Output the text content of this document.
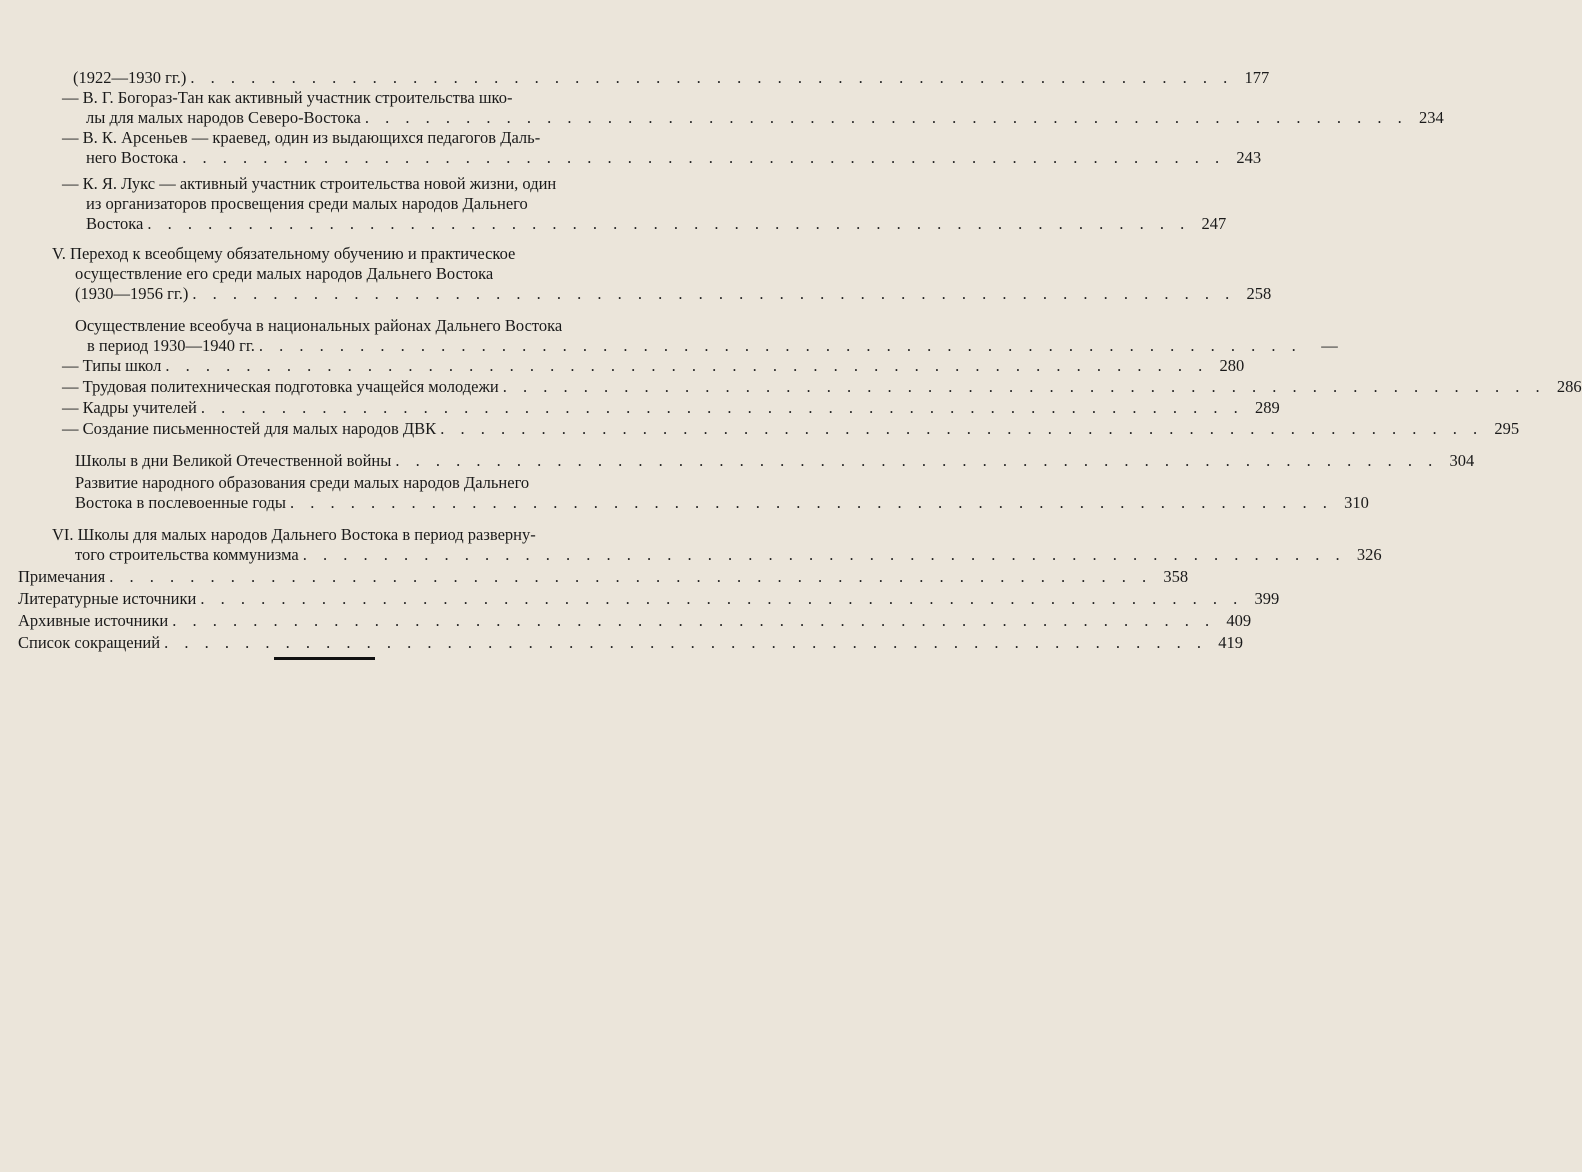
(1922—1930 гг.) . . . . . . . . . . . . . . . . . . . . . . . . . . . . . . . . . . . . . . . . . . . . . . . . . . . . 177
— В. Г. Богораз-Тан как активный участник строительства шко-
лы для малых народов Северо-Востока . . . . . . . . . . . . . . . . . . . . . . . . . . . . . . . . . . . . . . . . . . . . . . . . . . . . 234
— В. К. Арсеньев — краевед, один из выдающихся педагогов Даль-
него Востока . . . . . . . . . . . . . . . . . . . . . . . . . . . . . . . . . . . . . . . . . . . . . . . . . . . . 243
— К. Я. Лукс — активный участник строительства новой жизни, один
из организаторов просвещения среди малых народов Дальнего
Востока . . . . . . . . . . . . . . . . . . . . . . . . . . . . . . . . . . . . . . . . . . . . . . . . . . . . 247
V. Переход к всеобщему обязательному обучению и практическое
осуществление его среди малых народов Дальнего Востока
(1930—1956 гг.) . . . . . . . . . . . . . . . . . . . . . . . . . . . . . . . . . . . . . . . . . . . . . . . . . . . . 258
Осуществление всеобуча в национальных районах Дальнего Востока
в период 1930—1940 гг. . . . . . . . . . . . . . . . . . . . . . . . . . . . . . . . . . . . . . . . . . . . . . . . . . . . .	—
— Типы школ . . . . . . . . . . . . . . . . . . . . . . . . . . . . . . . . . . . . . . . . . . . . . . . . . . . . 280
— Трудовая политехническая подготовка учащейся молодежи . . . . . . . . . . . . . . . . . . . . . . . . . . . . . . . . . . . . . . . . . . . . . . . . . . . . 286
— Кадры учителей . . . . . . . . . . . . . . . . . . . . . . . . . . . . . . . . . . . . . . . . . . . . . . . . . . . . 289
— Создание письменностей для малых народов ДВК . . . . . . . . . . . . . . . . . . . . . . . . . . . . . . . . . . . . . . . . . . . . . . . . . . . . 295
Школы в дни Великой Отечественной войны . . . . . . . . . . . . . . . . . . . . . . . . . . . . . . . . . . . . . . . . . . . . . . . . . . . . 304
Развитие народного образования среди малых народов Дальнего
Востока в послевоенные годы . . . . . . . . . . . . . . . . . . . . . . . . . . . . . . . . . . . . . . . . . . . . . . . . . . . . 310
VI. Школы для малых народов Дальнего Востока в период разверну-
того строительства коммунизма . . . . . . . . . . . . . . . . . . . . . . . . . . . . . . . . . . . . . . . . . . . . . . . . . . . . 326
Примечания . . . . . . . . . . . . . . . . . . . . . . . . . . . . . . . . . . . . . . . . . . . . . . . . . . . . 358
Литературные источники . . . . . . . . . . . . . . . . . . . . . . . . . . . . . . . . . . . . . . . . . . . . . . . . . . . . 399
Архивные источники . . . . . . . . . . . . . . . . . . . . . . . . . . . . . . . . . . . . . . . . . . . . . . . . . . . . 409
Список сокращений . . . . . . . . . . . . . . . . . . . . . . . . . . . . . . . . . . . . . . . . . . . . . . . . . . . . 419
